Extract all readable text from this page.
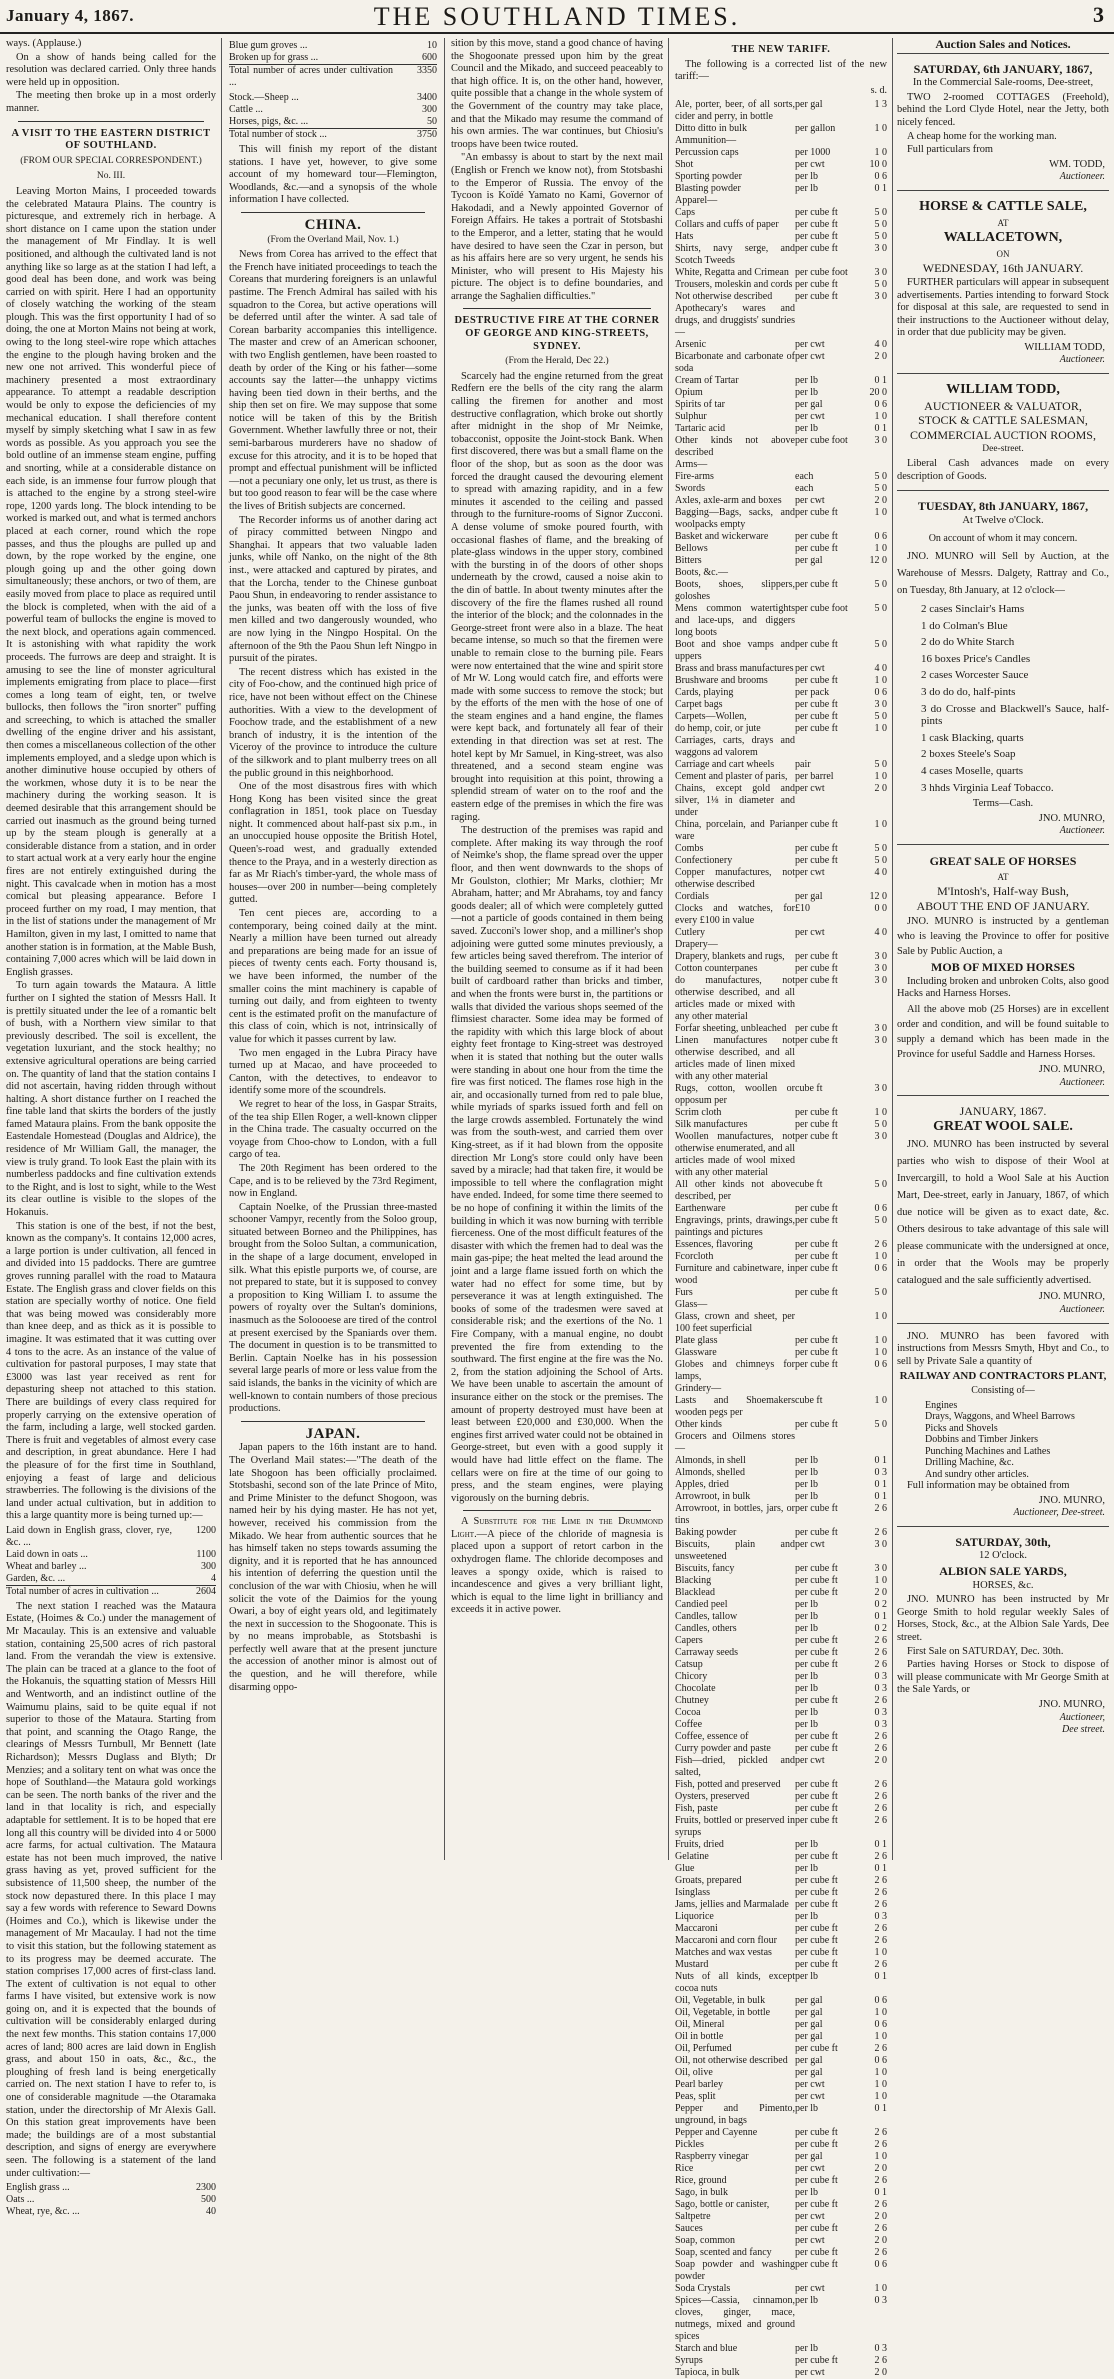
January 4, 1867.	THE SOUTHLAND TIMES.	3

ways. (Applause.)

On a show of hands being called for the resolution was declared carried. Only three hands were held up in opposition.

The meeting then broke up in a most orderly manner.

A VISIT TO THE EASTERN DISTRICT OF SOUTHLAND.
(FROM OUR SPECIAL CORRESPONDENT.)
No. III.

Leaving Morton Mains, I proceeded towards the celebrated Mataura Plains. The country is picturesque, and extremely rich in herbage. A short distance on I came upon the station under the management of Mr Findlay. It is well positioned, and although the cultivated land is not anything like so large as at the station I had left, a good deal has been done, and work was being carried on with spirit. Here I had an opportunity of closely watching the working of the steam plough. This was the first opportunity I had of so doing, the one at Morton Mains not being at work, owing to the long steel-wire rope which attaches the engine to the plough having broken and the new one not arrived. This wonderful piece of machinery presented a most extraordinary appearance. To attempt a readable description would be only to expose the deficiencies of my mechanical education. I shall therefore content myself by simply sketching what I saw in as few words as possible. As you approach you see the bold outline of an immense steam engine, puffing and snorting, while at a considerable distance on each side, is an immense four furrow plough that is attached to the engine by a strong steel-wire rope, 1200 yards long. The block intending to be worked is marked out, and what is termed anchors placed at each corner, round which the rope passes, and thus the ploughs are pulled up and down, by the rope worked by the engine, one plough going up and the other going down simultaneously; these anchors, or two of them, are easily moved from place to place as required until the block is completed, when with the aid of a powerful team of bullocks the engine is moved to the next block, and operations again commenced. It is astonishing with what rapidity the work proceeds. The furrows are deep and straight. It is amusing to see the line of monster agricultural implements emigrating from place to place—first comes a long team of eight, ten, or twelve bullocks, then follows the "iron snorter" puffing and screeching, to which is attached the smaller dwelling of the engine driver and his assistant, then comes a miscellaneous collection of the other implements employed, and a sledge upon which is another diminutive house occupied by others of the workmen, whose duty it is to be near the machinery during the working season. It is deemed desirable that this arrangement should be carried out inasmuch as the ground being turned up by the steam plough is generally at a considerable distance from a station, and in order to start actual work at a very early hour the engine fires are not entirely extinguished during the night. This cavalcade when in motion has a most comical but pleasing appearance. Before I proceed further on my road, I may mention, that in the list of stations under the management of Mr Hamilton, given in my last, I omitted to name that another station is in formation, at the Mable Bush, containing 7,000 acres which will be laid down in English grasses.

To turn again towards the Mataura. A little further on I sighted the station of Messrs Hall. It is prettily situated under the lee of a romantic belt of bush, with a Northern view similar to that previously described. The soil is excellent, the vegetation luxuriant, and the stock healthy; no extensive agricultural operations are being carried on. The quantity of land that the station contains I did not ascertain, having ridden through without halting. A short distance further on I reached the fine table land that skirts the borders of the justly famed Mataura plains. From the bank opposite the Eastendale Homestead (Douglas and Aldrice), the residence of Mr William Gall, the manager, the view is truly grand. To look East the plain with its numberless paddocks and fine cultivation extends to the Right, and is lost to sight, while to the West its clear outline is visible to the slopes of the Hokanuis.

This station is one of the best, if not the best, known as the company's. It contains 12,000 acres, a large portion is under cultivation, all fenced in and divided into 15 paddocks. There are gumtree groves running parallel with the road to Mataura Estate. The English grass and clover fields on this station are specially worthy of notice. One field that was being mowed was considerably more than knee deep, and as thick as it is possible to imagine. It was estimated that it was cutting over 4 tons to the acre. As an instance of the value of cultivation for pastoral purposes, I may state that £3000 was last year received as rent for depasturing sheep not attached to this station. There are buildings of every class required for properly carrying on the extensive operation of the farm, including a large, well stocked garden. There is fruit and vegetables of almost every case and description, in great abundance. Here I had the pleasure of for the first time in Southland, enjoying a feast of large and delicious strawberries. The following is the divisions of the land under actual cultivation, but in addition to this a large quantity more is being turned up:—

Laid down in English grass, clover, rye, &c. ...	1200
Laid down in oats ...	1100
Wheat and barley ...	300
Garden, &c. ...	4

Total number of acres in cultivation ...	2604

The next station I reached was the Mataura Estate, (Hoimes & Co.) under the management of Mr Macaulay. This is an extensive and valuable station, containing 25,500 acres of rich pastoral land. From the verandah the view is extensive. The plain can be traced at a glance to the foot of the Hokanuis, the squatting station of Messrs Hill and Wentworth, and an indistinct outline of the Waimumu plains, said to be quite equal if not superior to those of the Mataura. Starting from that point, and scanning the Otago Range, the clearings of Messrs Turnbull, Mr Bennett (late Richardson); Messrs Duglass and Blyth; Dr Menzies; and a solitary tent on what was once the hope of Southland—the Mataura gold workings can be seen. The north banks of the river and the land in that locality is rich, and especially adaptable for settlement. It is to be hoped that ere long all this country will be divided into 4 or 5000 acre farms, for actual cultivation. The Mataura estate has not been much improved, the native grass having as yet, proved sufficient for the subsistence of 11,500 sheep, the number of the stock now depastured there. In this place I may say a few words with reference to Seward Downs (Hoimes and Co.), which is likewise under the management of Mr Macaulay. I had not the time to visit this station, but the following statement as to its progress may be deemed accurate. The station comprises 17,000 acres of first-class land. The extent of cultivation is not equal to other farms I have visited, but extensive work is now going on, and it is expected that the bounds of cultivation will be considerably enlarged during the next few months. This station contains 17,000 acres of land; 800 acres are laid down in English grass, and about 150 in oats, &c., &c., the ploughing of fresh land is being energetically carried on. The next station I have to refer to, is one of considerable magnitude —the Otaramaka station, under the directorship of Mr Alexis Gall. On this station great improvements have been made; the buildings are of a most substantial description, and signs of energy are everywhere seen. The following is a statement of the land under cultivation:—

English grass ...	2300
Oats ...	500
Wheat, rye, &c. ...	40
Blue gum groves ...	10
Broken up for grass ...	600

Total number of acres under cultivation ...	3350
Stock.—Sheep ...	3400
Cattle ...	300
Horses, pigs, &c. ...	50

Total number of stock ...	3750

This will finish my report of the distant stations. I have yet, however, to give some account of my homeward tour—Flemington, Woodlands, &c.—and a synopsis of the whole information I have collected.

CHINA.
(From the Overland Mail, Nov. 1.)

News from Corea has arrived to the effect that the French have initiated proceedings to teach the Coreans that murdering foreigners is an unlawful pastime. The French Admiral has sailed with his squadron to the Corea, but active operations will be deferred until after the winter. A sad tale of Corean barbarity accompanies this intelligence. The master and crew of an American schooner, with two English gentlemen, have been roasted to death by order of the King or his father—some accounts say the latter—the unhappy victims having been tied down in their berths, and the ship then set on fire. We may suppose that some notice will be taken of this by the British Government. Whether lawfully three or not, their semi-barbarous murderers have no shadow of excuse for this atrocity, and it is to be hoped that prompt and effectual punishment will be inflicted—not a pecuniary one only, let us trust, as there is but too good reason to fear will be the case where the lives of British subjects are concerned.

The Recorder informs us of another daring act of piracy committed between Ningpo and Shanghai. It appears that two valuable laden junks, while off Nanko, on the night of the 8th inst., were attacked and captured by pirates, and that the Lorcha, tender to the Chinese gunboat Paou Shun, in endeavoring to render assistance to the junks, was beaten off with the loss of five men killed and two dangerously wounded, who are now lying in the Ningpo Hospital. On the afternoon of the 9th the Paou Shun left Ningpo in pursuit of the pirates.

The recent distress which has existed in the city of Foo-chow, and the continued high price of rice, have not been without effect on the Chinese authorities. With a view to the development of Foochow trade, and the establishment of a new branch of industry, it is the intention of the Viceroy of the province to introduce the culture of the silkwork and to plant mulberry trees on all the public ground in this neighborhood.

One of the most disastrous fires with which Hong Kong has been visited since the great conflagration in 1851, took place on Tuesday night. It commenced about half-past six p.m., in an unoccupied house opposite the British Hotel, Queen's-road west, and gradually extended thence to the Praya, and in a westerly direction as far as Mr Riach's timber-yard, the whole mass of houses—over 200 in number—being completely gutted.

Ten cent pieces are, according to a contemporary, being coined daily at the mint. Nearly a million have been turned out already and preparations are being made for an issue of pieces of twenty cents each. Forty thousand is, we have been informed, the number of the smaller coins the mint machinery is capable of turning out daily, and from eighteen to twenty cent is the estimated profit on the manufacture of this class of coin, which is not, intrinsically of value for which it passes current by law.

Two men engaged in the Lubra Piracy have turned up at Macao, and have proceeded to Canton, with the detectives, to endeavor to identify some more of the scoundrels.

We regret to hear of the loss, in Gaspar Straits, of the tea ship Ellen Roger, a well-known clipper in the China trade. The casualty occurred on the voyage from Choo-chow to London, with a full cargo of tea.

The 20th Regiment has been ordered to the Cape, and is to be relieved by the 73rd Regiment, now in England.

Captain Noelke, of the Prussian three-masted schooner Vampyr, recently from the Soloo group, situated between Borneo and the Philippines, has brought from the Soloo Sultan, a communication, in the shape of a large document, enveloped in silk. What this epistle purports we, of course, are not prepared to state, but it is supposed to convey a proposition to King William I. to assume the powers of royalty over the Sultan's dominions, inasmuch as the Soloooese are tired of the control at present exercised by the Spaniards over them. The document in question is to be transmitted to Berlin. Captain Noelke has in his possession several large pearls of more or less value from the said islands, the banks in the vicinity of which are well-known to contain numbers of those precious productions.

JAPAN.

Japan papers to the 16th instant are to hand. The Overland Mail states:—"The death of the late Shogoon has been officially proclaimed. Stotsbashi, second son of the late Prince of Mito, and Prime Minister to the defunct Shogoon, was named heir by his dying master. He has not yet, however, received his commission from the Mikado. We hear from authentic sources that he has himself taken no steps towards assuming the dignity, and it is reported that he has announced his intention of deferring the question until the conclusion of the war with Chiosiu, when he will solicit the vote of the Daimios for the young Owari, a boy of eight years old, and legitimately the next in succession to the Shogoonate. This is by no means improbable, as Stotsbashi is perfectly well aware that at the present juncture the accession of another minor is almost out of the question, and he will therefore, while disarming oppo-

sition by this move, stand a good chance of having the Shogoonate pressed upon him by the great Council and the Mikado, and succeed peaceably to that high office. It is, on the other hand, however, quite possible that a change in the whole system of the Government of the country may take place, and that the Mikado may resume the command of his own armies. The war continues, but Chiosiu's troops have been twice routed.

"An embassy is about to start by the next mail (English or French we know not), from Stotsbashi to the Emperor of Russia. The envoy of the Tycoon is Koïdé Yamato no Kami, Governor of Hakodadi, and a Newly appointed Governor of Foreign Affairs. He takes a portrait of Stotsbashi to the Emperor, and a letter, stating that he would have desired to have seen the Czar in person, but as his affairs here are so very urgent, he sends his Minister, who will present to His Majesty his picture. The object is to define boundaries, and arrange the Saghalien difficulties."

DESTRUCTIVE FIRE AT THE CORNER OF GEORGE AND KING-STREETS, SYDNEY.
(From the Herald, Dec 22.)

Scarcely had the engine returned from the great Redfern ere the bells of the city rang the alarm calling the firemen for another and most destructive conflagration, which broke out shortly after midnight in the shop of Mr Neimke, tobacconist, opposite the Joint-stock Bank. When first discovered, there was but a small flame on the floor of the shop, but as soon as the door was forced the draught caused the devouring element to spread with amazing rapidity, and in a few minutes it ascended to the ceiling and passed through to the furniture-rooms of Signor Zucconi. A dense volume of smoke poured fourth, with occasional flashes of flame, and the breaking of plate-glass windows in the upper story, combined with the bursting in of the doors of other shops underneath by the crowd, caused a noise akin to the din of battle. In about twenty minutes after the discovery of the fire the flames rushed all round the interior of the block; and the colonnades in the George-street front were also in a blaze. The heat became intense, so much so that the firemen were unable to remain close to the burning pile. Fears were now entertained that the wine and spirit store of Mr W. Long would catch fire, and efforts were made with some success to remove the stock; but by the efforts of the men with the hose of one of the steam engines and a hand engine, the flames were kept back, and fortunately all fear of their extending in that direction was set at rest. The hotel kept by Mr Samuel, in King-street, was also threatened, and a second steam engine was brought into requisition at this point, throwing a splendid stream of water on to the roof and the eastern edge of the premises in which the fire was raging.

The destruction of the premises was rapid and complete. After making its way through the roof of Neimke's shop, the flame spread over the upper floor, and then went downwards to the shops of Mr Goulston, clothier; Mr Marks, clothier; Mr Abraham, hatter; and Mr Abrahams, toy and fancy goods dealer; all of which were completely gutted—not a particle of goods contained in them being saved. Zucconi's lower shop, and a milliner's shop adjoining were gutted some minutes previously, a few articles being saved therefrom. The interior of the building seemed to consume as if it had been built of cardboard rather than bricks and timber, and when the fronts were burst in, the partitions or walls that divided the various shops seemed of the flimsiest character. Some idea may be formed of the rapidity with which this large block of about eighty feet frontage to King-street was destroyed when it is stated that nothing but the outer walls were standing in about one hour from the time the fire was first noticed. The flames rose high in the air, and occasionally turned from red to pale blue, while myriads of sparks issued forth and fell on the large crowds assembled. Fortunately the wind was from the south-west, and carried them over King-street, as if it had blown from the opposite direction Mr Long's store could only have been saved by a miracle; had that taken fire, it would be impossible to tell where the conflagration might have ended. Indeed, for some time there seemed to be no hope of confining it within the limits of the building in which it was now burning with terrible fierceness. One of the most difficult features of the disaster with which the fremen had to deal was the main gas-pipe; the heat melted the lead around the joint and a large flame issued forth on which the water had no effect for some time, but by perseverance it was at length extinguished. The books of some of the tradesmen were saved at considerable risk; and the exertions of the No. 1 Fire Company, with a manual engine, no doubt prevented the fire from extending to the southward. The first engine at the fire was the No. 2, from the station adjoining the School of Arts. We have been unable to ascertain the amount of insurance either on the stock or the premises. The amount of property destroyed must have been at least between £20,000 and £30,000. When the engines first arrived water could not be obtained in George-street, but even with a good supply it would have had little effect on the flame. The cellars were on fire at the time of our going to press, and the steam engines, were playing vigorously on the burning debris.

A Substitute for the Lime in the Drummond Light.—A piece of the chloride of magnesia is placed upon a support of retort carbon in the oxhydrogen flame. The chloride decomposes and leaves a spongy oxide, which is raised to incandescence and gives a very brilliant light, which is equal to the lime light in brilliancy and exceeds it in active power.

THE NEW TARIFF.

The following is a corrected list of the new tariff:—

s. d.
Ale, porter, beer, of all sorts, cider and perry, in bottle	per gal	1 3
Ditto ditto in bulk	per gallon	1 0
Ammunition—		
Percussion caps	per 1000	1 0
Shot	per cwt	10 0
Sporting powder	per lb	0 6
Blasting powder	per lb	0 1
Apparel—		
Caps	per cube ft	5 0
Collars and cuffs of paper	per cube ft	5 0
Hats	per cube ft	5 0
Shirts, navy serge, and Scotch Tweeds	per cube ft	3 0
White, Regatta and Crimean	per cube foot	3 0
Trousers, moleskin and cords	per cube ft	5 0
Not otherwise described	per cube ft	3 0
Apothecary's wares and drugs, and druggists' sundries—		
Arsenic	per cwt	4 0
Bicarbonate and carbonate of soda	per cwt	2 0
Cream of Tartar	per lb	0 1
Opium	per lb	20 0
Spirits of tar	per gal	0 6
Sulphur	per cwt	1 0
Tartaric acid	per lb	0 1
Other kinds not above described	per cube foot	3 0
Arms—		
Fire-arms	each	5 0
Swords	each	5 0
Axles, axle-arm and boxes	per cwt	2 0
Bagging—Bags, sacks, and woolpacks empty	per cube ft	1 0
Basket and wickerware	per cube ft	0 6
Bellows	per cube ft	1 0
Bitters	per gal	12 0
Boots, &c.—		
Boots, shoes, slippers, goloshes	per cube ft	5 0
Mens common watertights and lace-ups, and diggers long boots	per cube foot	5 0
Boot and shoe vamps and uppers	per cube ft	5 0
Brass and brass manufactures	per cwt	4 0
Brushware and brooms	per cube ft	1 0
Cards, playing	per pack	0 6
Carpet bags	per cube ft	3 0
Carpets—Wollen,	per cube ft	5 0
do hemp, coir, or jute	per cube ft	1 0
Carriages, carts, drays and waggons ad valorem		
Carriage and cart wheels	pair	5 0
Cement and plaster of paris,	per barrel	1 0
Chains, except gold and silver, 1⅛ in diameter and under	per cwt	2 0
China, porcelain, and Parian ware	per cube ft	1 0
Combs	per cube ft	5 0
Confectionery	per cube ft	5 0
Copper manufactures, not otherwise described	per cwt	4 0
Cordials	per gal	12 0
Clocks and watches, for every £100 in value	£10	0 0
Cutlery	per cwt	4 0
Drapery—		
Drapery, blankets and rugs,	per cube ft	3 0
Cotton counterpanes	per cube ft	3 0
do manufactures, not otherwise described, and all articles made or mixed with any other material	per cube ft	3 0
Forfar sheeting, unbleached	per cube ft	3 0
Linen manufactures not otherwise described, and all articles made of linen mixed with any other material	per cube ft	3 0
Rugs, cotton, woollen or opposum per	cube ft	3 0
Scrim cloth	per cube ft	1 0
Silk manufactures	per cube ft	5 0
Woollen manufactures, not otherwise enumerated, and all articles made of wool mixed with any other material	per cube ft	3 0
All other kinds not above described, per	cube ft	5 0
Earthenware	per cube ft	0 6
Engravings, prints, drawings, paintings and pictures	per cube ft	5 0
Essences, flavoring	per cube ft	2 6
Fcorcloth	per cube ft	1 0
Furniture and cabinetware, in wood	per cube ft	0 6
Furs	per cube ft	5 0
Glass—		
Glass, crown and sheet, per 100 feet superficial		1 0
Plate glass	per cube ft	1 0
Glassware	per cube ft	1 0
Globes and chimneys for lamps,	per cube ft	0 6
Grindery—		
Lasts and Shoemakers wooden pegs per	cube ft	1 0
Other kinds	per cube ft	5 0
Grocers and Oilmens stores—		
Almonds, in shell	per lb	0 1
Almonds, shelled	per lb	0 3
Apples, dried	per lb	0 1
Arrowroot, in bulk	per lb	0 1
Arrowroot, in bottles, jars, or tins	per cube ft	2 6
Baking powder	per cube ft	2 6
Biscuits, plain and unsweetened	per cwt	3 0
Biscuits, fancy	per cube ft	3 0
Blacking	per cube ft	1 0
Blacklead	per cube ft	2 0
Candied peel	per lb	0 2
Candles, tallow	per lb	0 1
Candles, others	per lb	0 2
Capers	per cube ft	2 6
Carraway seeds	per cube ft	2 6
Catsup	per cube ft	2 6
Chicory	per lb	0 3
Chocolate	per lb	0 3
Chutney	per cube ft	2 6
Cocoa	per lb	0 3
Coffee	per lb	0 3
Coffee, essence of	per cube ft	2 6
Curry powder and paste	per cube ft	2 6
Fish—dried, pickled and salted,	per cwt	2 0
Fish, potted and preserved	per cube ft	2 6
Oysters, preserved	per cube ft	2 6
Fish, paste	per cube ft	2 6
Fruits, bottled or preserved in syrups	per cube ft	2 6
Fruits, dried	per lb	0 1
Gelatine	per cube ft	2 6
Glue	per lb	0 1
Groats, prepared	per cube ft	2 6
Isinglass	per cube ft	2 6
Jams, jellies and Marmalade	per cube ft	2 6
Liquorice	per lb	0 3
Maccaroni	per cube ft	2 6
Maccaroni and corn flour	per cube ft	2 6
Matches and wax vestas	per cube ft	1 0
Mustard	per cube ft	2 6
Nuts of all kinds, except cocoa nuts	per lb	0 1
Oil, Vegetable, in bulk	per gal	0 6
Oil, Vegetable, in bottle	per gal	1 0
Oil, Mineral	per gal	0 6
Oil in bottle	per gal	1 0
Oil, Perfumed	per cube ft	2 6
Oil, not otherwise described	per gal	0 6
Oil, olive	per gal	1 0
Pearl barley	per cwt	1 0
Peas, split	per cwt	1 0
Pepper and Pimento, unground, in bags	per lb	0 1
Pepper and Cayenne	per cube ft	2 6
Pickles	per cube ft	2 6
Raspberry vinegar	per gal	1 0
Rice	per cwt	2 0
Rice, ground	per cube ft	2 6
Sago, in bulk	per lb	0 1
Sago, bottle or canister,	per cube ft	2 6
Saltpetre	per cwt	2 0
Sauces	per cube ft	2 6
Soap, common	per cwt	2 0
Soap, scented and fancy	per cube ft	2 6
Soap powder and washing powder	per cube ft	0 6
Soda Crystals	per cwt	1 0
Spices—Cassia, cinnamon, cloves, ginger, mace, nutmegs, mixed and ground spices	per lb	0 3
Starch and blue	per lb	0 3
Syrups	per cube ft	2 6
Tapioca, in bulk	per cwt	2 0
Auction Sales and Notices.
SATURDAY, 6th JANUARY, 1867,
In the Commercial Sale-rooms, Dee-street,

TWO 2-roomed COTTAGES (Freehold), behind the Lord Clyde Hotel, near the Jetty, both nicely fenced.

A cheap home for the working man.

Full particulars from

WM. TODD,
Auctioneer.
HORSE & CATTLE SALE,
AT
WALLACETOWN,
ON
WEDNESDAY, 16th JANUARY.

FURTHER particulars will appear in subsequent advertisements. Parties intending to forward Stock for disposal at this sale, are requested to send in their instructions to the Auctioneer without delay, in order that due publicity may be given.

WILLIAM TODD,
Auctioneer.
WILLIAM TODD,
AUCTIONEER & VALUATOR,
STOCK & CATTLE SALESMAN,
COMMERCIAL AUCTION ROOMS,
Dee-street.

Liberal Cash advances made on every description of Goods.

TUESDAY, 8th JANUARY, 1867,
At Twelve o'Clock.
On account of whom it may concern.

JNO. MUNRO will Sell by Auction, at the Warehouse of Messrs. Dalgety, Rattray and Co., on Tuesday, 8th January, at 12 o'clock—

2 cases Sinclair's Hams
1 do Colman's Blue
2 do do White Starch
16 boxes Price's Candles
2 cases Worcester Sauce
3 do do do, half-pints
3 do Crosse and Blackwell's Sauce, half-pints
1 cask Blacking, quarts
2 boxes Steele's Soap
4 cases Moselle, quarts
3 hhds Virginia Leaf Tobacco.
Terms—Cash.
JNO. MUNRO,
Auctioneer.
GREAT SALE OF HORSES
AT
M'Intosh's, Half-way Bush,
ABOUT THE END OF JANUARY.

JNO. MUNRO is instructed by a gentleman who is leaving the Province to offer for positive Sale by Public Auction, a

MOB OF MIXED HORSES

Including broken and unbroken Colts, also good Hacks and Harness Horses.

All the above mob (25 Horses) are in excellent order and condition, and will be found suitable to supply a demand which has been made in the Province for useful Saddle and Harness Horses.

JNO. MUNRO,
Auctioneer.
JANUARY, 1867.
GREAT WOOL SALE.

JNO. MUNRO has been instructed by several parties who wish to dispose of their Wool at Invercargill, to hold a Wool Sale at his Auction Mart, Dee-street, early in January, 1867, of which due notice will be given as to exact date, &c. Others desirous to take advantage of this sale will please communicate with the undersigned at once, in order that the Wools may be properly catalogued and the sale sufficiently advertised.

JNO. MUNRO,
Auctioneer.

JNO. MUNRO has been favored with instructions from Messrs Smyth, Hbyt and Co., to sell by Private Sale a quantity of

RAILWAY AND CONTRACTORS PLANT,
Consisting of—
Engines
Drays, Waggons, and Wheel Barrows
Picks and Shovels
Dobbins and Timber Jinkers
Punching Machines and Lathes
Drilling Machine, &c.
And sundry other articles.

Full information may be obtained from

JNO. MUNRO,
Auctioneer, Dee-street.
SATURDAY, 30th,
12 O'clock.
ALBION SALE YARDS,
HORSES, &c.

JNO. MUNRO has been instructed by Mr George Smith to hold regular weekly Sales of Horses, Stock, &c., at the Albion Sale Yards, Dee street.

First Sale on SATURDAY, Dec. 30th.

Parties having Horses or Stock to dispose of will please communicate with Mr George Smith at the Sale Yards, or

JNO. MUNRO,
Auctioneer,
Dee street.
